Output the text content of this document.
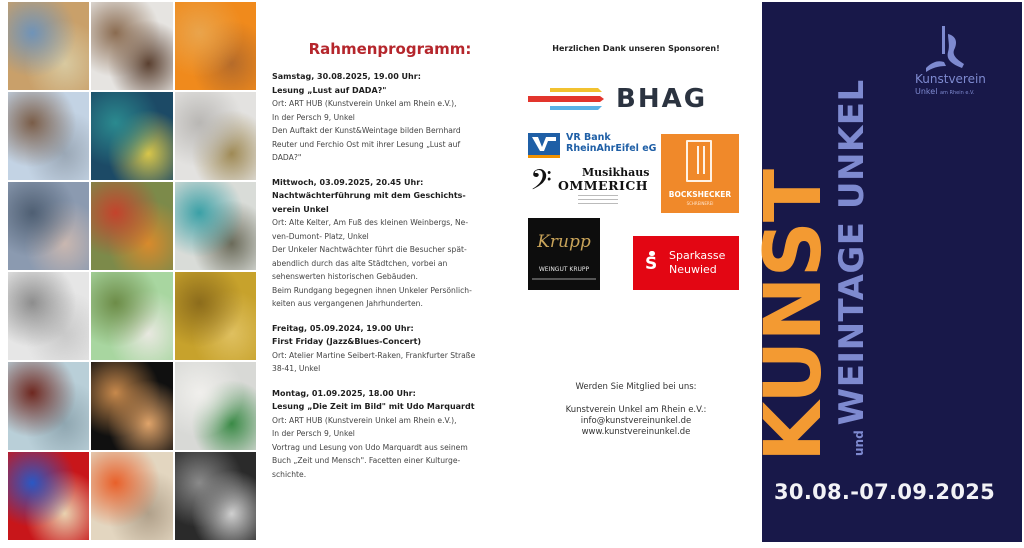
Rahmenprogramm:
Samstag, 30.08.2025, 19.00 Uhr:
Lesung „Lust auf DADA?"
Ort: ART HUB (Kunstverein Unkel am Rhein e.V.),
In der Persch 9, Unkel
Den Auftakt der Kunst&Weintage bilden Bernhard
Reuter und Ferchio Ost mit ihrer Lesung „Lust auf
DADA?"
Mittwoch, 03.09.2025, 20.45 Uhr:
Nachtwächterführung mit dem Geschichts-
verein Unkel
Ort: Alte Kelter, Am Fuß des kleinen Weinbergs, Ne-
ven-Dumont- Platz, Unkel
Der Unkeler Nachtwächter führt die Besucher spät-
abendlich durch das alte Städtchen, vorbei an
sehenswerten historischen Gebäuden.
Beim Rundgang begegnen ihnen Unkeler Persönlich-
keiten aus vergangenen Jahrhunderten.
Freitag, 05.09.2024, 19.00 Uhr:
First Friday (Jazz&Blues-Concert)
Ort: Atelier Martine Seibert-Raken, Frankfurter Straße
38-41, Unkel
Montag, 01.09.2025, 18.00 Uhr:
Lesung „Die Zeit im Bild" mit Udo Marquardt
Ort: ART HUB (Kunstverein Unkel am Rhein e.V.),
In der Persch 9, Unkel
Vortrag und Lesung von Udo Marquardt aus seinem
Buch „Zeit und Mensch". Facetten einer Kulturge-
schichte.
Herzlichen Dank unseren Sponsoren!
BHAG
VR Bank
RheinAhrEifel eG
𝄢	Musikhaus
OMMERICH
BOCKSHECKER
SCHREINEREI
Krupp
WEINGUT KRUPP
S
Sparkasse
Neuwied
Werden Sie Mitglied bei uns:
Kunstverein Unkel am Rhein e.V.:
info@kunstvereinunkel.de
www.kunstvereinunkel.de KUNST	undWEINTAGE UNKEL
Kunstverein
Unkel am Rhein e.V.
30.08.-07.09.2025
